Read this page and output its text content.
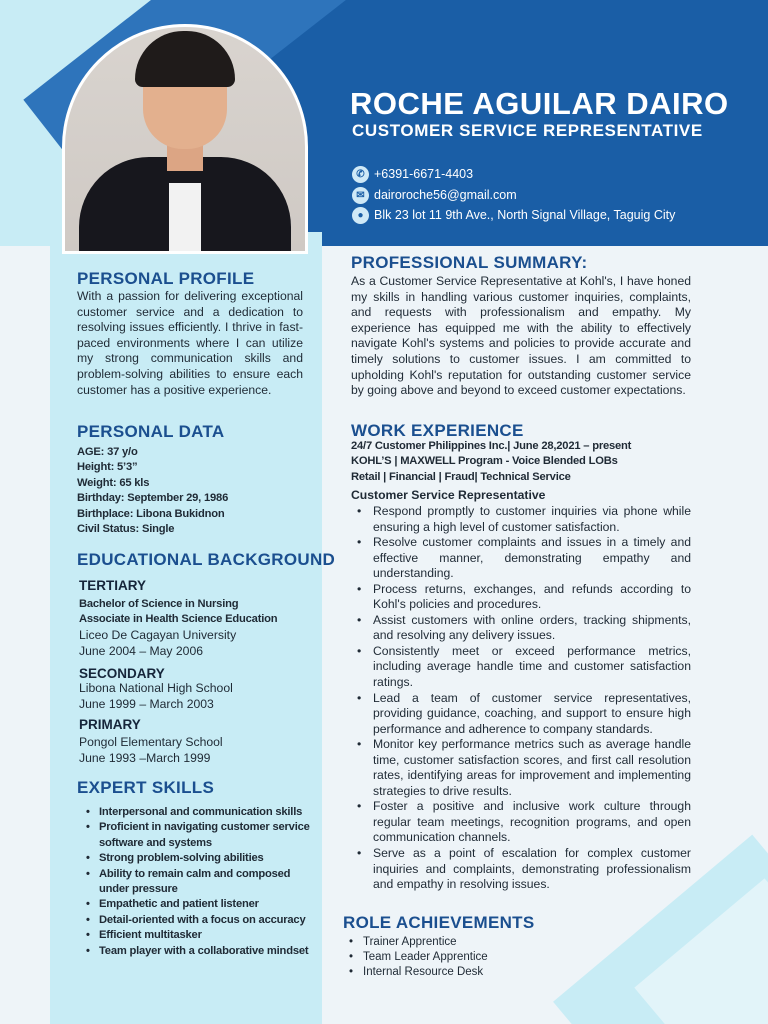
ROCHE AGUILAR DAIRO
CUSTOMER SERVICE REPRESENTATIVE
✆ +6391-6671-4403
✉ dairoroche56@gmail.com
● Blk 23 lot 11 9th Ave., North Signal Village, Taguig City
PERSONAL PROFILE
With a passion for delivering exceptional customer service and a dedication to resolving issues efficiently. I thrive in fast-paced environments where I can utilize my strong communication skills and problem-solving abilities to ensure each customer has a positive experience.
PERSONAL DATA
AGE: 37 y/o
Height: 5’3”
Weight: 65 kls
Birthday: September 29, 1986
Birthplace: Libona Bukidnon
Civil Status: Single
EDUCATIONAL BACKGROUND
TERTIARY
Bachelor of Science in Nursing
Associate in Health Science Education
Liceo De Cagayan University
June 2004 – May 2006
SECONDARY
Libona National High School
June 1999 – March 2003
PRIMARY
Pongol Elementary School
June 1993 –March 1999
EXPERT SKILLS
• Interpersonal and communication skills
• Proficient in navigating customer service software and systems
• Strong problem-solving abilities
• Ability to remain calm and composed under pressure
• Empathetic and patient listener
• Detail-oriented with a focus on accuracy
• Efficient multitasker
• Team player with a collaborative mindset
PROFESSIONAL SUMMARY:
As a Customer Service Representative at Kohl's, I have honed my skills in handling various customer inquiries, complaints, and requests with professionalism and empathy. My experience has equipped me with the ability to effectively navigate Kohl's systems and policies to provide accurate and timely solutions to customer issues. I am committed to upholding Kohl's reputation for outstanding customer service by going above and beyond to exceed customer expectations.
WORK EXPERIENCE
24/7 Customer Philippines Inc.| June 28,2021 – present
KOHL’S | MAXWELL Program - Voice Blended LOBs
Retail | Financial | Fraud| Technical Service
Customer Service Representative
• Respond promptly to customer inquiries via phone while ensuring a high level of customer satisfaction.
• Resolve customer complaints and issues in a timely and effective manner, demonstrating empathy and understanding.
• Process returns, exchanges, and refunds according to Kohl's policies and procedures.
• Assist customers with online orders, tracking shipments, and resolving any delivery issues.
• Consistently meet or exceed performance metrics, including average handle time and customer satisfaction ratings.
• Lead a team of customer service representatives, providing guidance, coaching, and support to ensure high performance and adherence to company standards.
• Monitor key performance metrics such as average handle time, customer satisfaction scores, and first call resolution rates, identifying areas for improvement and implementing strategies to drive results.
• Foster a positive and inclusive work culture through regular team meetings, recognition programs, and open communication channels.
• Serve as a point of escalation for complex customer inquiries and complaints, demonstrating professionalism and empathy in resolving issues.
ROLE ACHIEVEMENTS
• Trainer Apprentice
• Team Leader Apprentice
• Internal Resource Desk
